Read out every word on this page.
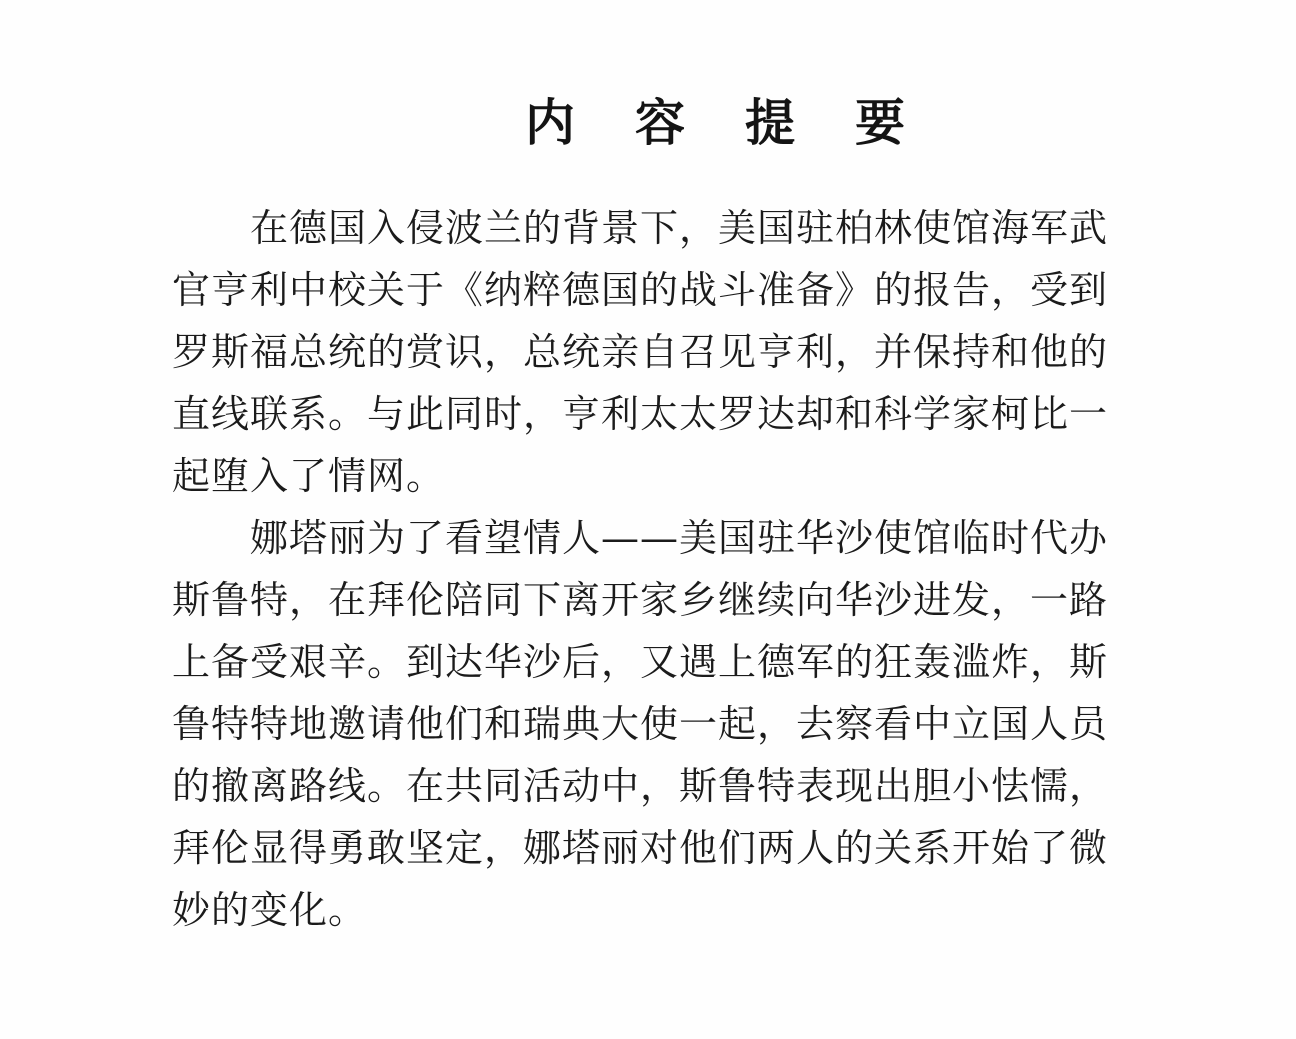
内 容 提 要
　　在德国入侵波兰的背景下，美国驻柏林使馆海军武
官亨利中校关于《纳粹德国的战斗准备》的报告，受到
罗斯福总统的赏识，总统亲自召见亨利，并保持和他的
直线联系。与此同时，亨利太太罗达却和科学家柯比一
起堕入了情网。
　　娜塔丽为了看望情人——美国驻华沙使馆临时代办
斯鲁特，在拜伦陪同下离开家乡继续向华沙进发，一路
上备受艰辛。到达华沙后，又遇上德军的狂轰滥炸，斯
鲁特特地邀请他们和瑞典大使一起，去察看中立国人员
的撤离路线。在共同活动中，斯鲁特表现出胆小怯懦，
拜伦显得勇敢坚定，娜塔丽对他们两人的关系开始了微
妙的变化。
